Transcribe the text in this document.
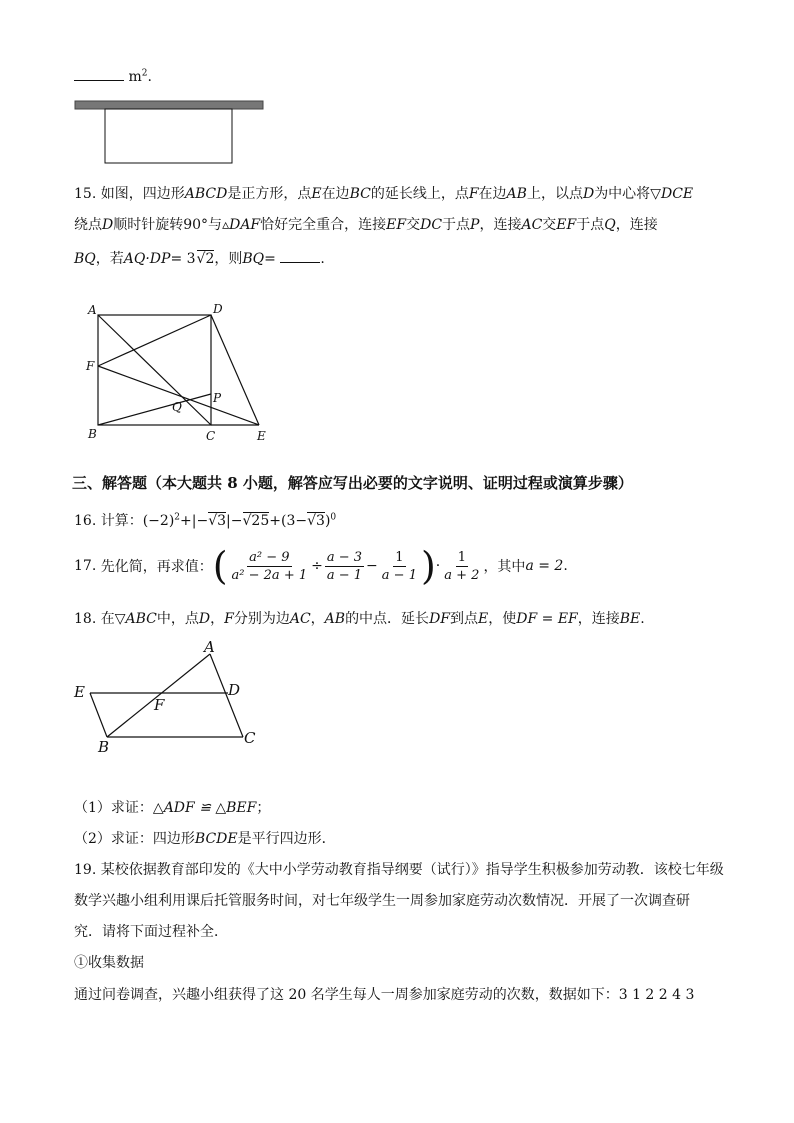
$m^2$.
15. 如图，四边形ABCD是正方形，点E在边BC的延长线上，点F在边AB上，以点D为中心将▽DCE
绕点D顺时针旋转90°与▵DAF恰好完全重合，连接EF交DC于点P，连接AC交EF于点Q，连接
BQ，若AQ·DP= 3√2，则BQ=	.
A	D
F
Q
P
B	C	E
三、解答题（本大题共 8 小题，解答应写出必要的文字说明、证明过程或演算步骤）
16. 计算：$(-2)^2+|-√3|-√25+(3-√3)^0$
17.
先化简，再求值： ( $\frac{\text{a² − 9}}{\text{a² − 2a + 1}} \div \frac{a - 3}{a - 1} - \frac{1}{a - 1}$ ) · $\frac{1}{a + 2}$ ，其中 a = 2 .
18. 在▽ABC中，点D，F分别为边AC，AB的中点．延长DF到点E，使DF = EF，连接BE.
A
E	D
F
B	C
（1）求证：△ADF ≌ △BEF；
（2）求证：四边形BCDE是平行四边形．
19. 某校依据教育部印发的《大中小学劳动教育指导纲要（试行）》指导学生积极参加劳动教．该校七年级
数学兴趣小组利用课后托管服务时间，对七年级学生一周参加家庭劳动次数情况．开展了一次调查研
究．请将下面过程补全．
①收集数据
通过问卷调查，兴趣小组获得了这 20 名学生每人一周参加家庭劳动的次数，数据如下：3 1 2 2 4 3
